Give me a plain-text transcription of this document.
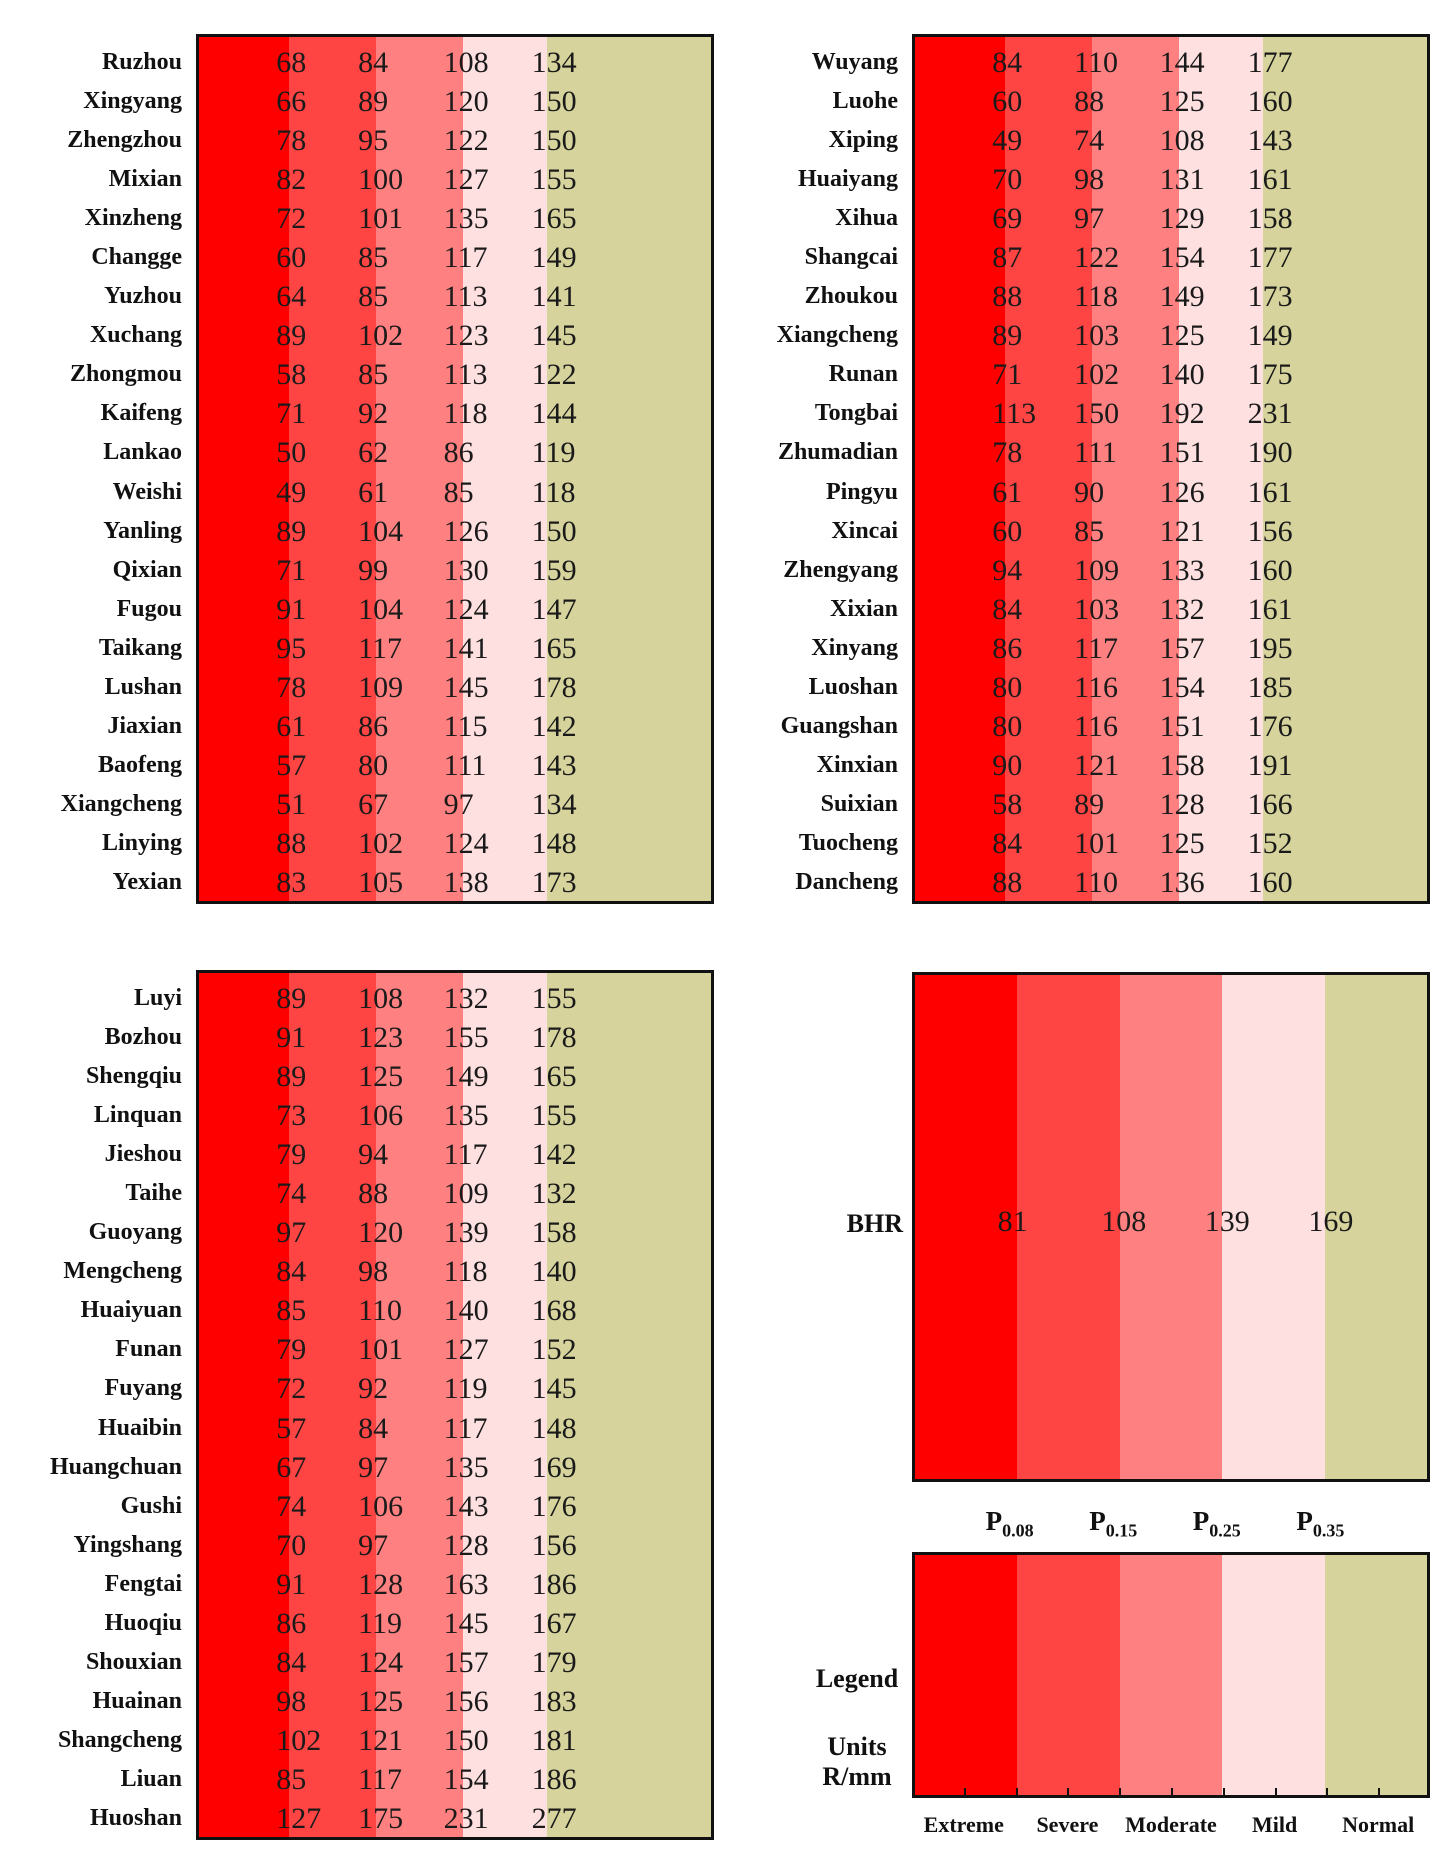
Ruzhou	68 84 108 134
Xingyang	66 89 120 150
Zhengzhou	78 95 122 150
Mixian	82 100 127 155
Xinzheng	72 101 135 165
Changge	60 85 117 149
Yuzhou	64 85 113 141
Xuchang	89 102 123 145
Zhongmou	58 85 113 122
Kaifeng	71 92 118 144
Lankao	50 62 86 119
Weishi	49 61 85 118
Yanling	89 104 126 150
Qixian	71 99 130 159
Fugou	91 104 124 147
Taikang	95 117 141 165
Lushan	78 109 145 178
Jiaxian	61 86 115 142
Baofeng	57 80 111 143
Xiangcheng	51 67 97 134
Linying	88 102 124 148
Yexian	83 105 138 173
Wuyang	84 110 144 177
Luohe	60 88 125 160
Xiping	49 74 108 143
Huaiyang	70 98 131 161
Xihua	69 97 129 158
Shangcai	87 122 154 177
Zhoukou	88 118 149 173
Xiangcheng	89 103 125 149
Runan	71 102 140 175
Tongbai	113 150 192 231
Zhumadian	78 111 151 190
Pingyu	61 90 126 161
Xincai	60 85 121 156
Zhengyang	94 109 133 160
Xixian	84 103 132 161
Xinyang	86 117 157 195
Luoshan	80 116 154 185
Guangshan	80 116 151 176
Xinxian	90 121 158 191
Suixian	58 89 128 166
Tuocheng	84 101 125 152
Dancheng	88 110 136 160
Luyi	89 108 132 155
Bozhou	91 123 155 178
Shengqiu	89 125 149 165
Linquan	73 106 135 155
Jieshou	79 94 117 142
Taihe	74 88 109 132
Guoyang	97 120 139 158
Mengcheng	84 98 118 140
Huaiyuan	85 110 140 168
Funan	79 101 127 152
Fuyang	72 92 119 145
Huaibin	57 84 117 148
Huangchuan	67 97 135 169
Gushi	74 106 143 176
Yingshang	70 97 128 156
Fengtai	91 128 163 186
Huoqiu	86 119 145 167
Shouxian	84 124 157 179
Huainan	98 125 156 183
Shangcheng	102 121 150 181
Liuan	85 117 154 186
Huoshan	127 175 231 277
BHR	81 108 139 169
$P_{0.08}$ $P_{0.15}$ $P_{0.25}$ $P_{0.35}$
Legend
Units
R/mm
Extreme	Severe	Moderate	Mild	Normal
